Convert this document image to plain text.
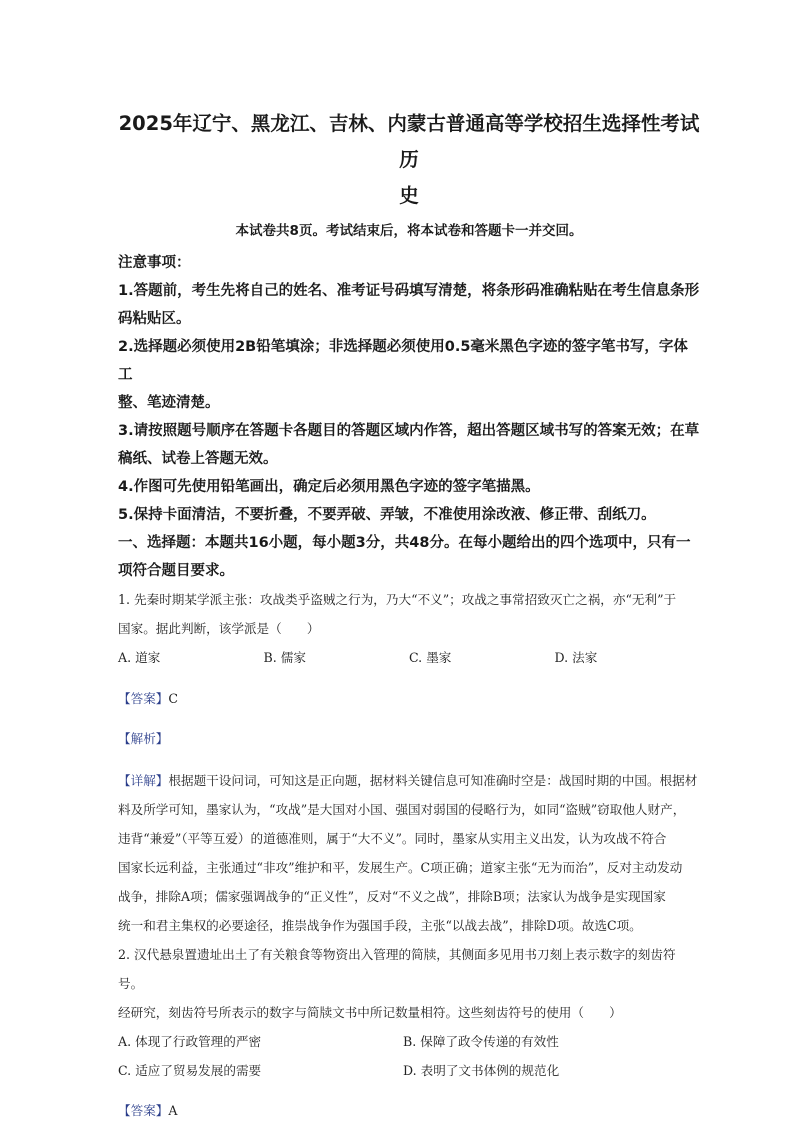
2025年辽宁、黑龙江、吉林、内蒙古普通高等学校招生选择性考试历

史

本试卷共8页。考试结束后，将本试卷和答题卡一并交回。

注意事项：

1.答题前，考生先将自己的姓名、准考证号码填写清楚，将条形码准确粘贴在考生信息条形

码粘贴区。

2.选择题必须使用2B铅笔填涂；非选择题必须使用0.5毫米黑色字迹的签字笔书写，字体工

整、笔迹清楚。

3.请按照题号顺序在答题卡各题目的答题区域内作答，超出答题区域书写的答案无效；在草

稿纸、试卷上答题无效。

4.作图可先使用铅笔画出，确定后必须用黑色字迹的签字笔描黑。

5.保持卡面清洁，不要折叠，不要弄破、弄皱，不准使用涂改液、修正带、刮纸刀。

一、选择题：本题共16小题，每小题3分，共48分。在每小题给出的四个选项中，只有一

项符合题目要求。

1. 先秦时期某学派主张：攻战类乎盗贼之行为，乃大“不义”；攻战之事常招致灭亡之祸，亦“无利”于

国家。据此判断，该学派是（　　）

A. 道家	B. 儒家	C. 墨家	D. 法家

【答案】C

【解析】

【详解】根据题干设问词，可知这是正向题，据材料关键信息可知准确时空是：战国时期的中国。根据材

料及所学可知，墨家认为，“攻战”是大国对小国、强国对弱国的侵略行为，如同“盗贼”窃取他人财产，

违背“兼爱”（平等互爱）的道德准则，属于“大不义”。同时，墨家从实用主义出发，认为攻战不符合

国家长远利益，主张通过“非攻”维护和平，发展生产。C项正确；道家主张“无为而治”，反对主动发动

战争，排除A项；儒家强调战争的“正义性”，反对“不义之战”，排除B项；法家认为战争是实现国家

统一和君主集权的必要途径，推崇战争作为强国手段，主张“以战去战”，排除D项。故选C项。

2. 汉代悬泉置遗址出土了有关粮食等物资出入管理的简牍，其侧面多见用书刀刻上表示数字的刻齿符号。

经研究，刻齿符号所表示的数字与简牍文书中所记数量相符。这些刻齿符号的使用（　　）

A. 体现了行政管理的严密	B. 保障了政令传递的有效性
C. 适应了贸易发展的需要	D. 表明了文书体例的规范化

【答案】A
